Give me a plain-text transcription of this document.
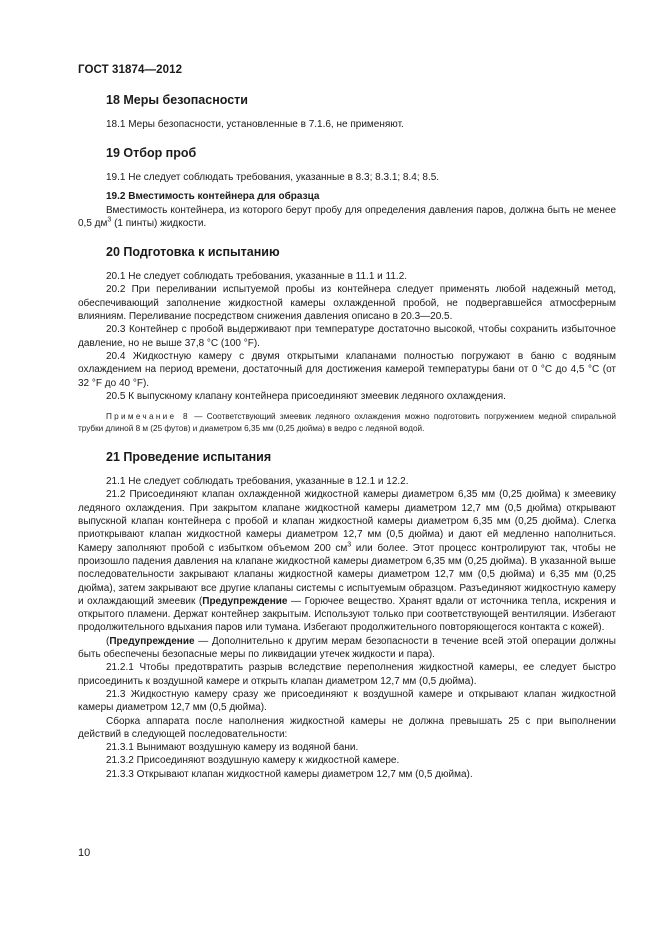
ГОСТ 31874—2012
18 Меры безопасности

18.1 Меры безопасности, установленные в 7.1.6, не применяют.

19 Отбор проб

19.1 Не следует соблюдать требования, указанные в 8.3; 8.3.1; 8.4; 8.5.

19.2 Вместимость контейнера для образца

Вместимость контейнера, из которого берут пробу для определения давления паров, должна быть не менее 0,5 $дм^3$ (1 пинты) жидкости.

20 Подготовка к испытанию

20.1 Не следует соблюдать требования, указанные в 11.1 и 11.2.

20.2 При переливании испытуемой пробы из контейнера следует применять любой надежный метод, обеспечивающий заполнение жидкостной камеры охлажденной пробой, не подвергавшейся атмосферным влияниям. Переливание посредством снижения давления описано в 20.3—20.5.

20.3 Контейнер с пробой выдерживают при температуре достаточно высокой, чтобы сохранить избыточное давление, но не выше 37,8 °С (100 °F).

20.4 Жидкостную камеру с двумя открытыми клапанами полностью погружают в баню с водяным охлаждением на период времени, достаточный для достижения камерой температуры бани от 0 °С до 4,5 °С (от 32 °F до 40 °F).

20.5 К выпускному клапану контейнера присоединяют змеевик ледяного охлаждения.

Примечание 8 — Соответствующий змеевик ледяного охлаждения можно подготовить погружением медной спиральной трубки длиной 8 м (25 футов) и диаметром 6,35 мм (0,25 дюйма) в ведро с ледяной водой.

21 Проведение испытания

21.1 Не следует соблюдать требования, указанные в 12.1 и 12.2.

21.2 Присоединяют клапан охлажденной жидкостной камеры диаметром 6,35 мм (0,25 дюйма) к змеевику ледяного охлаждения. При закрытом клапане жидкостной камеры диаметром 12,7 мм (0,5 дюйма) открывают выпускной клапан контейнера с пробой и клапан жидкостной камеры диаметром 6,35 мм (0,25 дюйма). Слегка приоткрывают клапан жидкостной камеры диаметром 12,7 мм (0,5 дюйма) и дают ей медленно наполниться. Камеру заполняют пробой с избытком объемом 200 $см^3$ или более. Этот процесс контролируют так, чтобы не произошло падения давления на клапане жидкостной камеры диаметром 6,35 мм (0,25 дюйма). В указанной выше последовательности закрывают клапаны жидкостной камеры диаметром 12,7 мм (0,5 дюйма) и 6,35 мм (0,25 дюйма), затем закрывают все другие клапаны системы с испытуемым образцом. Разъединяют жидкостную камеру и охлаждающий змеевик (Предупреждение — Горючее вещество. Хранят вдали от источника тепла, искрения и открытого пламени. Держат контейнер закрытым. Используют только при соответствующей вентиляции. Избегают продолжительного вдыхания паров или тумана. Избегают продолжительного повторяющегося контакта с кожей).

(Предупреждение — Дополнительно к другим мерам безопасности в течение всей этой операции должны быть обеспечены безопасные меры по ликвидации утечек жидкости и пара).

21.2.1 Чтобы предотвратить разрыв вследствие переполнения жидкостной камеры, ее следует быстро присоединить к воздушной камере и открыть клапан диаметром 12,7 мм (0,5 дюйма).

21.3 Жидкостную камеру сразу же присоединяют к воздушной камере и открывают клапан жидкостной камеры диаметром 12,7 мм (0,5 дюйма).

Сборка аппарата после наполнения жидкостной камеры не должна превышать 25 с при выполнении действий в следующей последовательности:

21.3.1 Вынимают воздушную камеру из водяной бани.

21.3.2 Присоединяют воздушную камеру к жидкостной камере.

21.3.3 Открывают клапан жидкостной камеры диаметром 12,7 мм (0,5 дюйма).

10
